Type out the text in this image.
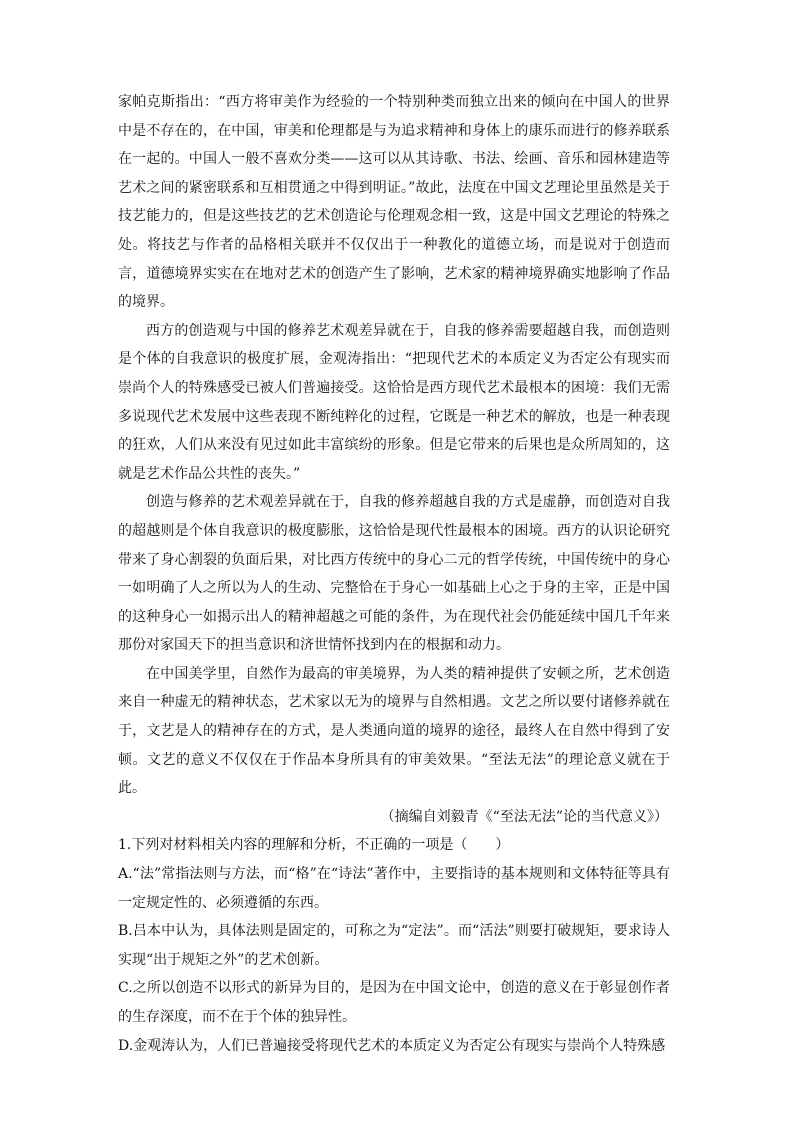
家帕克斯指出：“西方将审美作为经验的一个特别种类而独立出来的倾向在中国人的世界中是不存在的，在中国，审美和伦理都是与为追求精神和身体上的康乐而进行的修养联系在一起的。中国人一般不喜欢分类——这可以从其诗歌、书法、绘画、音乐和园林建造等艺术之间的紧密联系和互相贯通之中得到明证。”故此，法度在中国文艺理论里虽然是关于技艺能力的，但是这些技艺的艺术创造论与伦理观念相一致，这是中国文艺理论的特殊之处。将技艺与作者的品格相关联并不仅仅出于一种教化的道德立场，而是说对于创造而言，道德境界实实在在地对艺术的创造产生了影响，艺术家的精神境界确实地影响了作品的境界。

西方的创造观与中国的修养艺术观差异就在于，自我的修养需要超越自我，而创造则是个体的自我意识的极度扩展，金观涛指出：“把现代艺术的本质定义为否定公有现实而崇尚个人的特殊感受已被人们普遍接受。这恰恰是西方现代艺术最根本的困境：我们无需多说现代艺术发展中这些表现不断纯粹化的过程，它既是一种艺术的解放，也是一种表现的狂欢，人们从来没有见过如此丰富缤纷的形象。但是它带来的后果也是众所周知的，这就是艺术作品公共性的丧失。”

创造与修养的艺术观差异就在于，自我的修养超越自我的方式是虚静，而创造对自我的超越则是个体自我意识的极度膨胀，这恰恰是现代性最根本的困境。西方的认识论研究带来了身心割裂的负面后果，对比西方传统中的身心二元的哲学传统，中国传统中的身心一如明确了人之所以为人的生动、完整恰在于身心一如基础上心之于身的主宰，正是中国的这种身心一如揭示出人的精神超越之可能的条件，为在现代社会仍能延续中国几千年来那份对家国天下的担当意识和济世情怀找到内在的根据和动力。

在中国美学里，自然作为最高的审美境界，为人类的精神提供了安顿之所，艺术创造来自一种虚无的精神状态，艺术家以无为的境界与自然相遇。文艺之所以要付诸修养就在于，文艺是人的精神存在的方式，是人类通向道的境界的途径，最终人在自然中得到了安顿。文艺的意义不仅仅在于作品本身所具有的审美效果。“至法无法”的理论意义就在于此。

（摘编自刘毅青《“至法无法”论的当代意义》）

1.下列对材料相关内容的理解和分析，不正确的一项是（　　）

A.“法”常指法则与方法，而“格”在“诗法”著作中，主要指诗的基本规则和文体特征等具有一定规定性的、必须遵循的东西。

B.吕本中认为，具体法则是固定的，可称之为“定法”。而“活法”则要打破规矩，要求诗人实现“出于规矩之外”的艺术创新。

C.之所以创造不以形式的新异为目的，是因为在中国文论中，创造的意义在于彰显创作者的生存深度，而不在于个体的独异性。

D.金观涛认为，人们已普遍接受将现代艺术的本质定义为否定公有现实与崇尚个人特殊感
